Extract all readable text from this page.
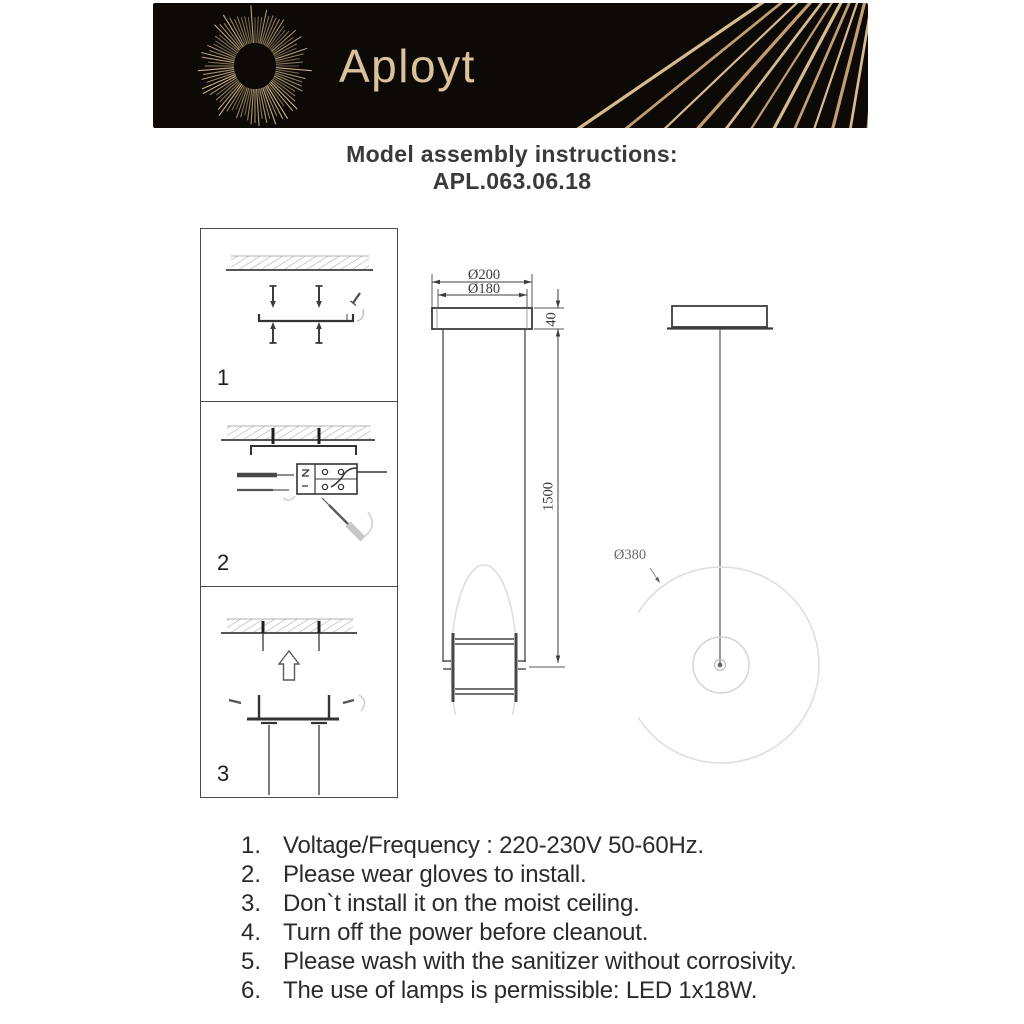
Aployt
Model assembly instructions:
APL.063.06.18
1
2
3
Ø200
Ø180
40
1500
Ø380
1. Voltage/Frequency : 220-230V 50-60Hz.
2. Please wear gloves to install.
3. Don`t install it on the moist ceiling.
4. Turn off the power before cleanout.
5. Please wash with the sanitizer without corrosivity.
6. The use of lamps is permissible: LED 1x18W.
